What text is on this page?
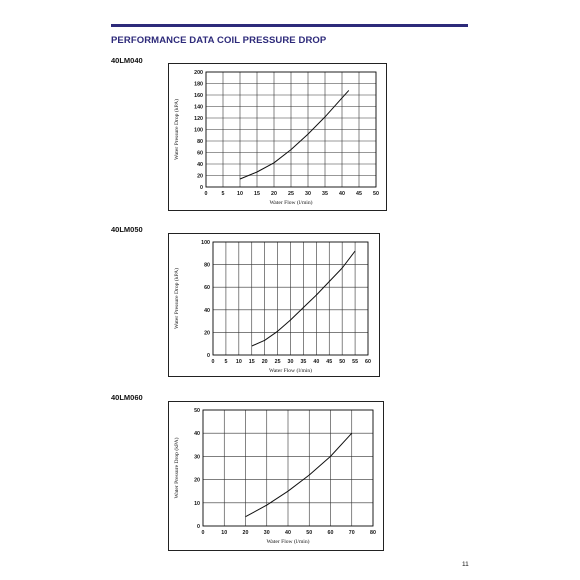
PERFORMANCE DATA COIL PRESSURE DROP
40LM040
0	5 10 15 20 25 30 35 40 45 50
0
20
40
60
80
100
120
140
160
180
200
Water Flow (l/min)
Water Pressure Drop (kPA)
40LM050
0 5 10 15 20 25 30 35 40 45 50 55 60
0
20
40
60
80
100
Water Flow (l/min)
Water Pressure Drop (kPA)
40LM060
0	10	20	30	40	50	60	70	80
0
10
20
30
40
50
Water Flow (l/min)
Water Pressure Drop (kPA)
11
